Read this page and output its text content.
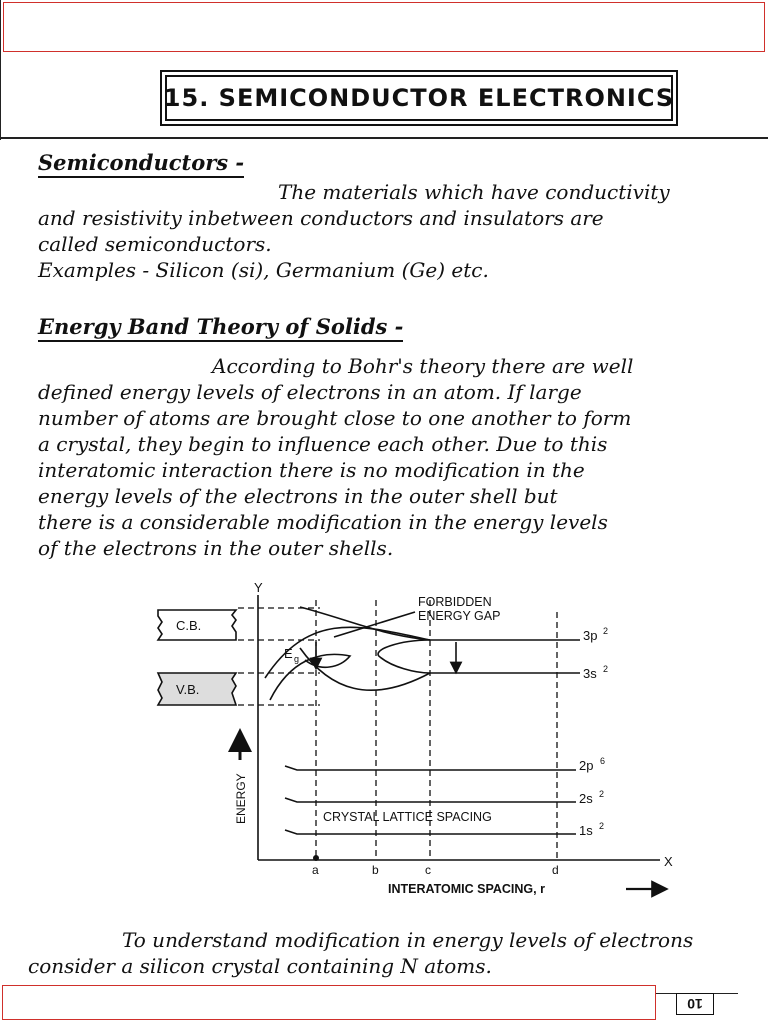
15. SEMICONDUCTOR ELECTRONICS
Semiconductors -
The materials which have conductivity
and resistivity inbetween conductors and insulators are
called semiconductors.
Examples - Silicon (si), Germanium (Ge) etc.
Energy Band Theory of Solids -
According to Bohr's theory there are well
defined energy levels of electrons in an atom. If large
number of atoms are brought close to one another to form
a crystal, they begin to influence each other. Due to this
interatomic interaction there is no modification in the
energy levels of the electrons in the outer shell but
there is a considerable modification in the energy levels
of the electrons in the outer shells.
Y
X
C.B.
V.B.
E g
FORBIDDEN
ENERGY GAP
3p 2
3s 2
2p 6
2s 2
1s 2
ENERGY	CRYSTAL LATTICE SPACING
a	b	c	d
INTERATOMIC SPACING, r
To understand modification in energy levels of electrons
consider a silicon crystal containing N atoms.
10
